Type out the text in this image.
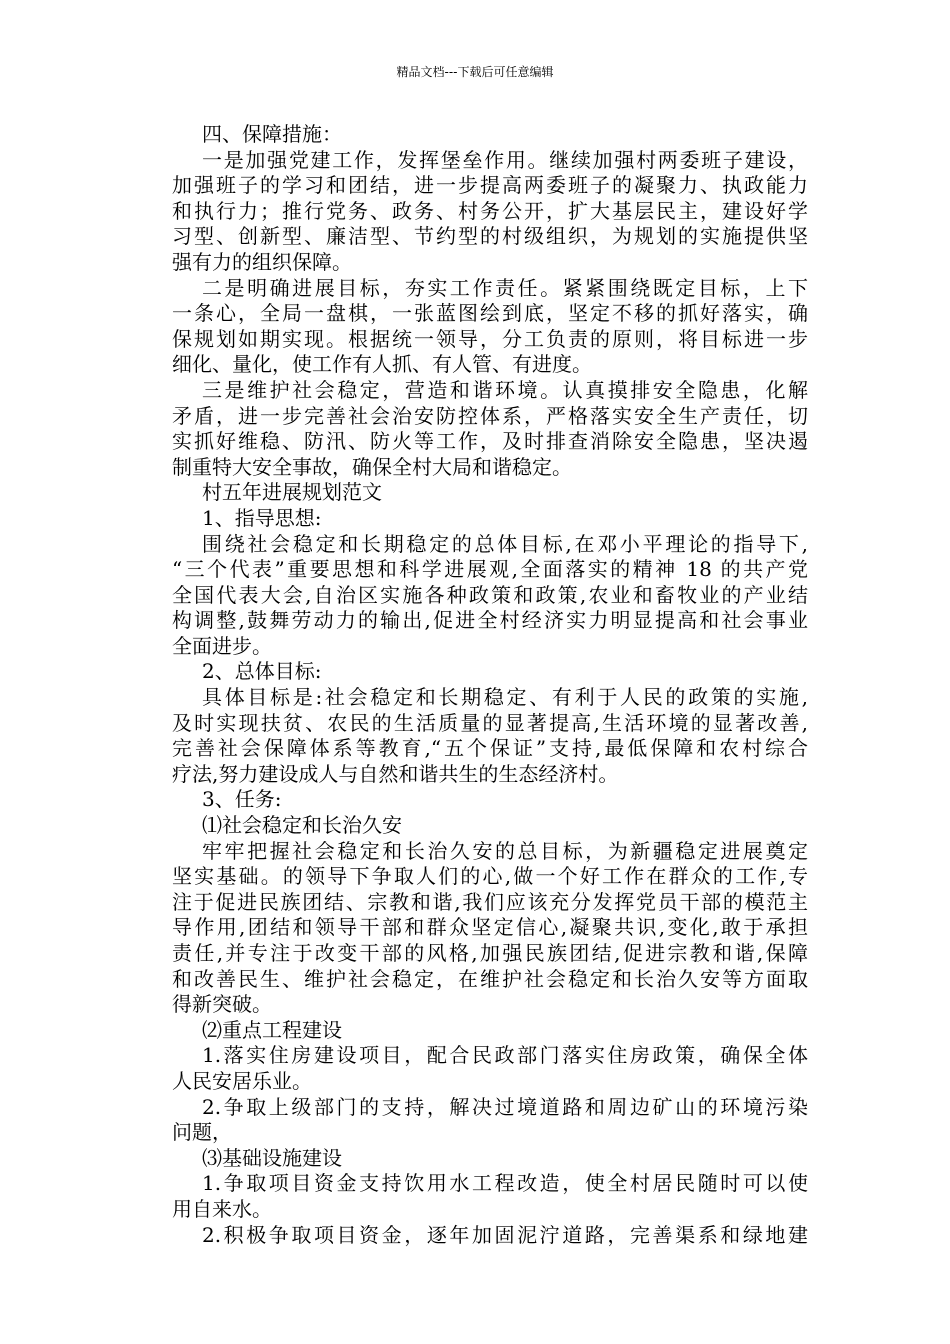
精品文档---下载后可任意编辑
四、保障措施：
一是加强党建工作，发挥堡垒作用。继续加强村两委班子建设，
加强班子的学习和团结，进一步提高两委班子的凝聚力、执政能力
和执行力；推行党务、政务、村务公开，扩大基层民主，建设好学
习型、创新型、廉洁型、节约型的村级组织，为规划的实施提供坚
强有力的组织保障。
二是明确进展目标，夯实工作责任。紧紧围绕既定目标，上下
一条心，全局一盘棋，一张蓝图绘到底，坚定不移的抓好落实，确
保规划如期实现。根据统一领导，分工负责的原则，将目标进一步
细化、量化，使工作有人抓、有人管、有进度。
三是维护社会稳定，营造和谐环境。认真摸排安全隐患，化解
矛盾，进一步完善社会治安防控体系，严格落实安全生产责任，切
实抓好维稳、防汛、防火等工作，及时排查消除安全隐患，坚决遏
制重特大安全事故，确保全村大局和谐稳定。
村五年进展规划范文
1、指导思想:
围绕社会稳定和长期稳定的总体目标,在邓小平理论的指导下,
“三个代表”重要思想和科学进展观,全面落实的精神 18 的共产党
全国代表大会,自治区实施各种政策和政策,农业和畜牧业的产业结
构调整,鼓舞劳动力的输出,促进全村经济实力明显提高和社会事业
全面进步。
2、总体目标:
具体目标是:社会稳定和长期稳定、有利于人民的政策的实施,
及时实现扶贫、农民的生活质量的显著提高,生活环境的显著改善,
完善社会保障体系等教育,“五个保证”支持,最低保障和农村综合
疗法,努力建设成人与自然和谐共生的生态经济村。
3、任务:
⑴社会稳定和长治久安
牢牢把握社会稳定和长治久安的总目标，为新疆稳定进展奠定
坚实基础。的领导下争取人们的心,做一个好工作在群众的工作,专
注于促进民族团结、宗教和谐,我们应该充分发挥党员干部的模范主
导作用,团结和领导干部和群众坚定信心,凝聚共识,变化,敢于承担
责任,并专注于改变干部的风格,加强民族团结,促进宗教和谐,保障
和改善民生、维护社会稳定，在维护社会稳定和长治久安等方面取
得新突破。
⑵重点工程建设
1.落实住房建设项目，配合民政部门落实住房政策，确保全体
人民安居乐业。
2.争取上级部门的支持，解决过境道路和周边矿山的环境污染
问题，
⑶基础设施建设
1.争取项目资金支持饮用水工程改造，使全村居民随时可以使
用自来水。
2.积极争取项目资金，逐年加固泥泞道路，完善渠系和绿地建
